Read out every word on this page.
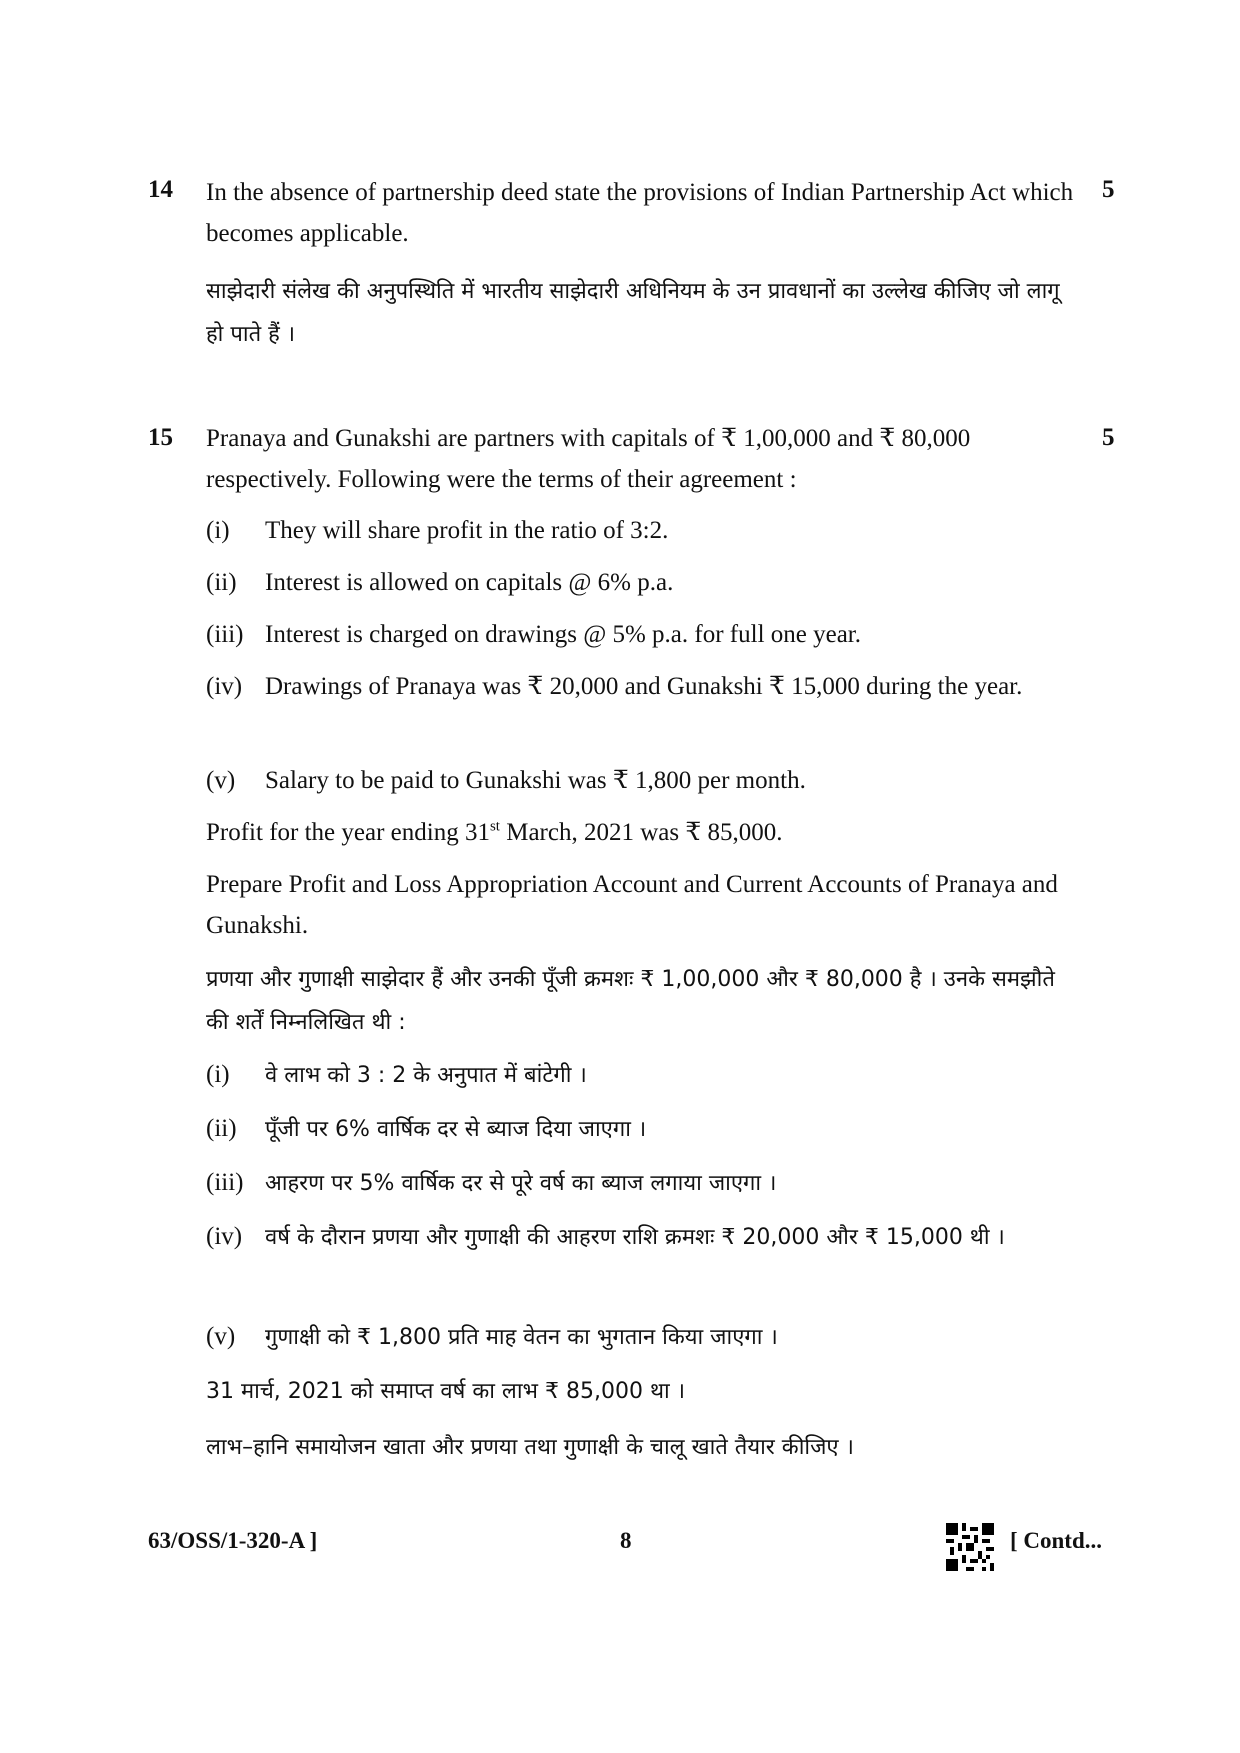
14	5
In the absence of partnership deed state the provisions of Indian Partnership Act which becomes applicable.
साझेदारी संलेख की अनुपस्थिति में भारतीय साझेदारी अधिनियम के उन प्रावधानों का उल्लेख कीजिए जो लागू हो पाते हैं ।
15	5
Pranaya and Gunakshi are partners with capitals of ₹ 1,00,000 and ₹ 80,000 respectively. Following were the terms of their agreement :
(i) They will share profit in the ratio of 3:2.
(ii) Interest is allowed on capitals @ 6% p.a.
(iii) Interest is charged on drawings @ 5% p.a. for full one year.
(iv) Drawings of Pranaya was ₹ 20,000 and Gunakshi ₹ 15,000 during the year.
(v) Salary to be paid to Gunakshi was ₹ 1,800 per month.
Profit for the year ending 31st March, 2021 was ₹ 85,000.
Prepare Profit and Loss Appropriation Account and Current Accounts of Pranaya and Gunakshi.
प्रणया और गुणाक्षी साझेदार हैं और उनकी पूँजी क्रमशः ₹ 1,00,000 और ₹ 80,000 है । उनके समझौते की शर्तें निम्नलिखित थी :
(i) वे लाभ को 3 : 2 के अनुपात में बांटेगी ।
(ii) पूँजी पर 6% वार्षिक दर से ब्याज दिया जाएगा ।
(iii) आहरण पर 5% वार्षिक दर से पूरे वर्ष का ब्याज लगाया जाएगा ।
(iv) वर्ष के दौरान प्रणया और गुणाक्षी की आहरण राशि क्रमशः ₹ 20,000 और ₹ 15,000 थी ।
(v) गुणाक्षी को ₹ 1,800 प्रति माह वेतन का भुगतान किया जाएगा ।
31 मार्च, 2021 को समाप्त वर्ष का लाभ ₹ 85,000 था ।
लाभ–हानि समायोजन खाता और प्रणया तथा गुणाक्षी के चालू खाते तैयार कीजिए ।
63/OSS/1-320-A ]	8	[ Contd...
